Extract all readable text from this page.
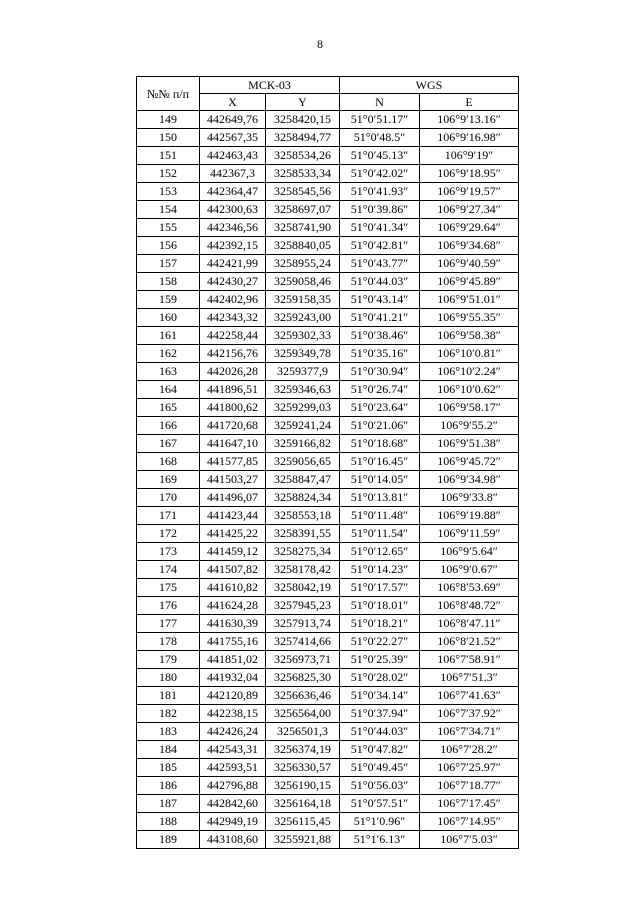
8
№№ п/п	МСК-03		WGS	
	X	Y	N	E
149	442649,76	3258420,15	51°0′51.17″	106°9′13.16″
150	442567,35	3258494,77	51°0′48.5″	106°9′16.98″
151	442463,43	3258534,26	51°0′45.13″	106°9′19″
152	442367,3	3258533,34	51°0′42.02″	106°9′18.95″
153	442364,47	3258545,56	51°0′41.93″	106°9′19.57″
154	442300,63	3258697,07	51°0′39.86″	106°9′27.34″
155	442346,56	3258741,90	51°0′41.34″	106°9′29.64″
156	442392,15	3258840,05	51°0′42.81″	106°9′34.68″
157	442421,99	3258955,24	51°0′43.77″	106°9′40.59″
158	442430,27	3259058,46	51°0′44.03″	106°9′45.89″
159	442402,96	3259158,35	51°0′43.14″	106°9′51.01″
160	442343,32	3259243,00	51°0′41.21″	106°9′55.35″
161	442258,44	3259302,33	51°0′38.46″	106°9′58.38″
162	442156,76	3259349,78	51°0′35.16″	106°10′0.81″
163	442026,28	3259377,9	51°0′30.94″	106°10′2.24″
164	441896,51	3259346,63	51°0′26.74″	106°10′0.62″
165	441800,62	3259299,03	51°0′23.64″	106°9′58.17″
166	441720,68	3259241,24	51°0′21.06″	106°9′55.2″
167	441647,10	3259166,82	51°0′18.68″	106°9′51.38″
168	441577,85	3259056,65	51°0′16.45″	106°9′45.72″
169	441503,27	3258847,47	51°0′14.05″	106°9′34.98″
170	441496,07	3258824,34	51°0′13.81″	106°9′33.8″
171	441423,44	3258553,18	51°0′11.48″	106°9′19.88″
172	441425,22	3258391,55	51°0′11.54″	106°9′11.59″
173	441459,12	3258275,34	51°0′12.65″	106°9′5.64″
174	441507,82	3258178,42	51°0′14.23″	106°9′0.67″
175	441610,82	3258042,19	51°0′17.57″	106°8′53.69″
176	441624,28	3257945,23	51°0′18.01″	106°8′48.72″
177	441630,39	3257913,74	51°0′18.21″	106°8′47.11″
178	441755,16	3257414,66	51°0′22.27″	106°8′21.52″
179	441851,02	3256973,71	51°0′25.39″	106°7′58.91″
180	441932,04	3256825,30	51°0′28.02″	106°7′51.3″
181	442120,89	3256636,46	51°0′34.14″	106°7′41.63″
182	442238,15	3256564,00	51°0′37.94″	106°7′37.92″
183	442426,24	3256501,3	51°0′44.03″	106°7′34.71″
184	442543,31	3256374,19	51°0′47.82″	106°7′28.2″
185	442593,51	3256330,57	51°0′49.45″	106°7′25.97″
186	442796,88	3256190,15	51°0′56.03″	106°7′18.77″
187	442842,60	3256164,18	51°0′57.51″	106°7′17.45″
188	442949,19	3256115,45	51°1′0.96″	106°7′14.95″
189	443108,60	3255921,88	51°1′6.13″	106°7′5.03″
